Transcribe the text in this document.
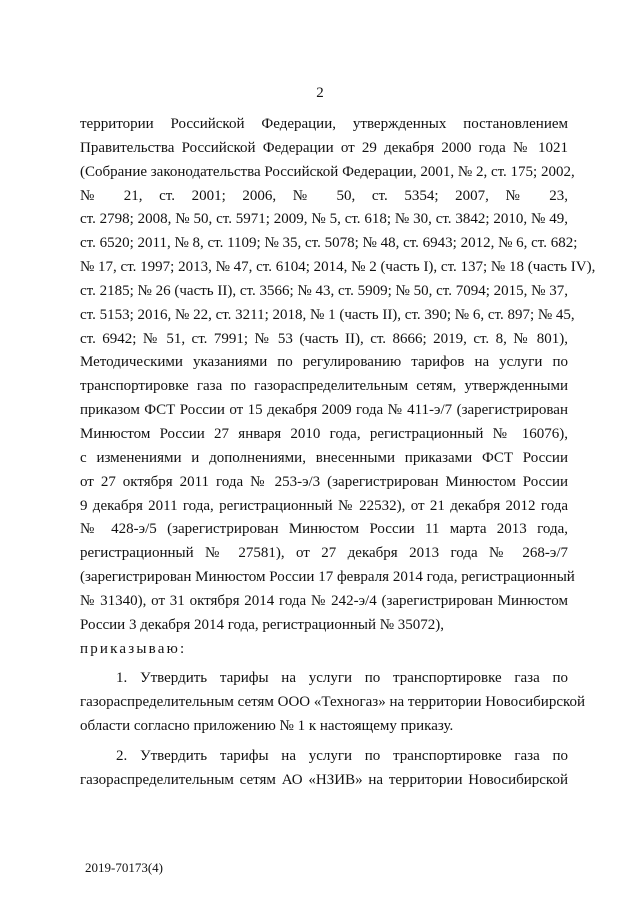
2
территории Российской Федерации, утвержденных постановлением
Правительства Российской Федерации от 29 декабря 2000 года № 1021
(Собрание законодательства Российской Федерации, 2001, № 2, ст. 175; 2002,
№ 21, ст. 2001; 2006, № 50, ст. 5354; 2007, № 23,
ст. 2798; 2008, № 50, ст. 5971; 2009, № 5, ст. 618; № 30, ст. 3842; 2010, № 49,
ст. 6520; 2011, № 8, ст. 1109; № 35, ст. 5078; № 48, ст. 6943; 2012, № 6, ст. 682;
№ 17, ст. 1997; 2013, № 47, ст. 6104; 2014, № 2 (часть I), ст. 137; № 18 (часть IV),
ст. 2185; № 26 (часть II), ст. 3566; № 43, ст. 5909; № 50, ст. 7094; 2015, № 37,
ст. 5153; 2016, № 22, ст. 3211; 2018, № 1 (часть II), ст. 390; № 6, ст. 897; № 45,
ст. 6942; № 51, ст. 7991; № 53 (часть II), ст. 8666; 2019, ст. 8, № 801),
Методическими указаниями по регулированию тарифов на услуги по
транспортировке газа по газораспределительным сетям, утвержденными
приказом ФСТ России от 15 декабря 2009 года № 411-э/7 (зарегистрирован
Минюстом России 27 января 2010 года, регистрационный № 16076),
с изменениями и дополнениями, внесенными приказами ФСТ России
от 27 октября 2011 года № 253-э/3 (зарегистрирован Минюстом России
9 декабря 2011 года, регистрационный № 22532), от 21 декабря 2012 года
№ 428-э/5 (зарегистрирован Минюстом России 11 марта 2013 года,
регистрационный № 27581), от 27 декабря 2013 года № 268-э/7
(зарегистрирован Минюстом России 17 февраля 2014 года, регистрационный
№ 31340), от 31 октября 2014 года № 242-э/4 (зарегистрирован Минюстом
России 3 декабря 2014 года, регистрационный № 35072),
приказываю:
1. Утвердить тарифы на услуги по транспортировке газа по
газораспределительным сетям ООО «Техногаз» на территории Новосибирской
области согласно приложению № 1 к настоящему приказу.
2. Утвердить тарифы на услуги по транспортировке газа по
газораспределительным сетям АО «НЗИВ» на территории Новосибирской
2019-70173(4)
